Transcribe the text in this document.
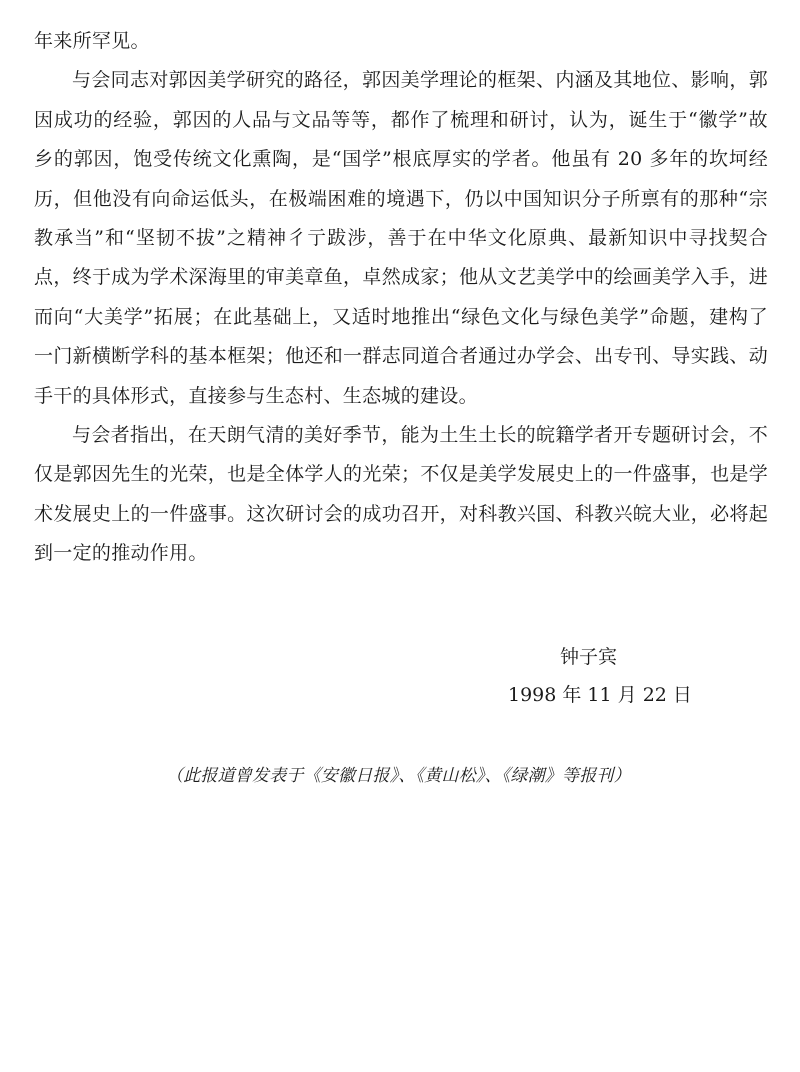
年来所罕见。

与会同志对郭因美学研究的路径，郭因美学理论的框架、内涵及其地位、影响，郭因成功的经验，郭因的人品与文品等等，都作了梳理和研讨，认为，诞生于“徽学”故乡的郭因，饱受传统文化熏陶，是“国学”根底厚实的学者。他虽有 20 多年的坎坷经历，但他没有向命运低头，在极端困难的境遇下，仍以中国知识分子所禀有的那种“宗教承当”和“坚韧不拔”之精神彳亍跋涉，善于在中华文化原典、最新知识中寻找契合点，终于成为学术深海里的审美章鱼，卓然成家；他从文艺美学中的绘画美学入手，进而向“大美学”拓展；在此基础上，又适时地推出“绿色文化与绿色美学”命题，建构了一门新横断学科的基本框架；他还和一群志同道合者通过办学会、出专刊、导实践、动手干的具体形式，直接参与生态村、生态城的建设。

与会者指出，在天朗气清的美好季节，能为土生土长的皖籍学者开专题研讨会，不仅是郭因先生的光荣，也是全体学人的光荣；不仅是美学发展史上的一件盛事，也是学术发展史上的一件盛事。这次研讨会的成功召开，对科教兴国、科教兴皖大业，必将起到一定的推动作用。

钟子宾
1998 年 11 月 22 日
（此报道曾发表于《安徽日报》、《黄山松》、《绿潮》等报刊）
